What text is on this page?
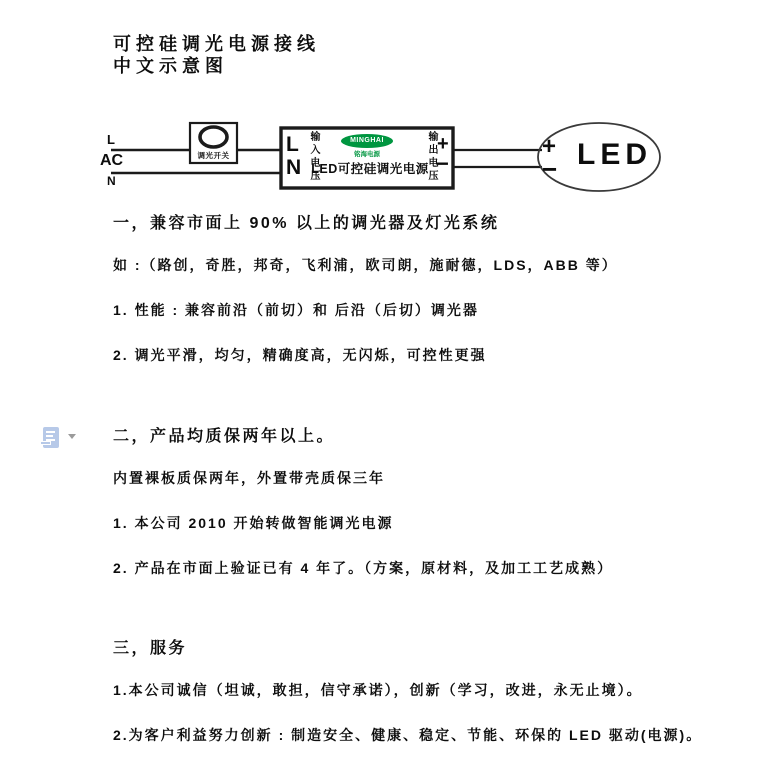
可控硅调光电源接线
中文示意图
L
AC
N
调光开关	L
N 输入电压	MINGHAI
铭海电源
LED可控硅调光电源
输出电压 +
−
+
− LED
一，兼容市面上 90% 以上的调光器及灯光系统
如 :（路创，奇胜，邦奇，飞利浦，欧司朗，施耐德，LDS，ABB 等）
1. 性能 : 兼容前沿（前切）和 后沿（后切）调光器
2. 调光平滑，均匀，精确度高，无闪烁，可控性更强
二，产品均质保两年以上。
内置裸板质保两年，外置带壳质保三年
1. 本公司 2010 开始转做智能调光电源
2. 产品在市面上验证已有 4 年了。（方案，原材料，及加工工艺成熟）
三，服务
1.本公司诚信（坦诚，敢担，信守承诺），创新（学习，改进，永无止境）。
2.为客户利益努力创新 : 制造安全、健康、稳定、节能、环保的 LED 驱动(电源)。
